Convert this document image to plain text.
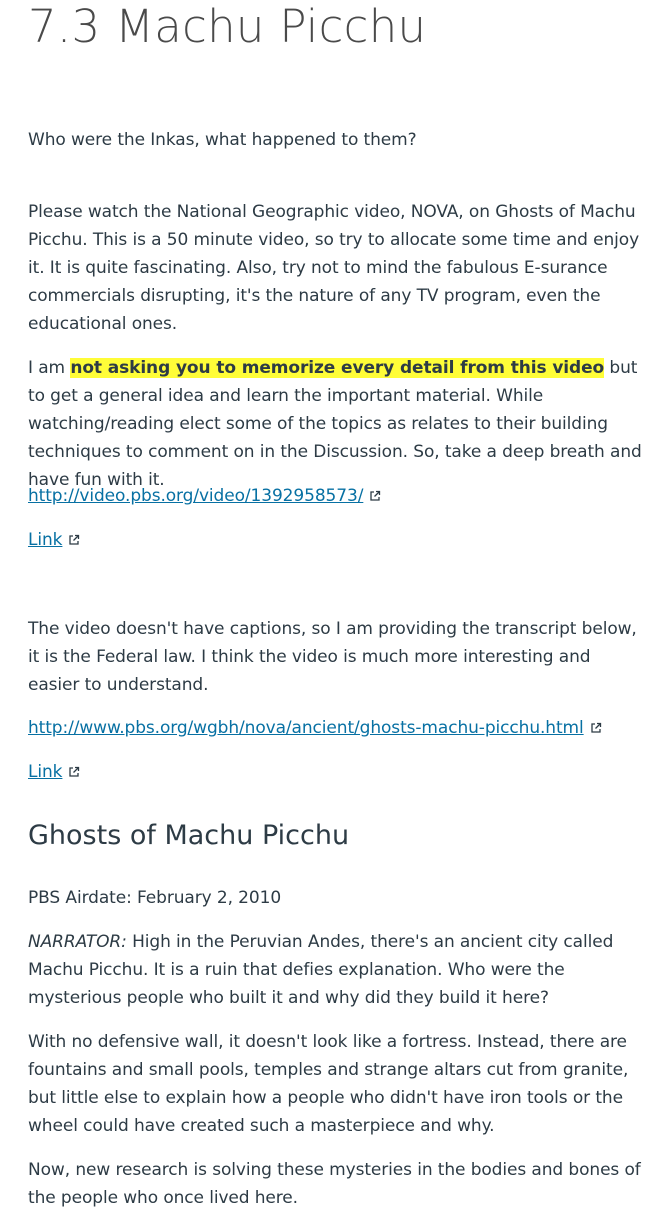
7.3 Machu Picchu

Who were the Inkas, what happened to them?

Please watch the National Geographic video, NOVA, on Ghosts of Machu Picchu. This is a 50 minute video, so try to allocate some time and enjoy it. It is quite fascinating. Also, try not to mind the fabulous E-surance commercials disrupting, it's the nature of any TV program, even the educational ones.

I am not asking you to memorize every detail from this video but to get a general idea and learn the important material. While watching/reading elect some of the topics as relates to their building techniques to comment on in the Discussion. So, take a deep breath and have fun with it.

http://video.pbs.org/video/1392958573/

Link

The video doesn't have captions, so I am providing the transcript below, it is the Federal law. I think the video is much more interesting and easier to understand.

http://www.pbs.org/wgbh/nova/ancient/ghosts-machu-picchu.html

Link

Ghosts of Machu Picchu

PBS Airdate: February 2, 2010

NARRATOR: High in the Peruvian Andes, there's an ancient city called Machu Picchu. It is a ruin that defies explanation. Who were the mysterious people who built it and why did they build it here?

With no defensive wall, it doesn't look like a fortress. Instead, there are fountains and small pools, temples and strange altars cut from granite, but little else to explain how a people who didn't have iron tools or the wheel could have created such a masterpiece and why.

Now, new research is solving these mysteries in the bodies and bones of the people who once lived here.
